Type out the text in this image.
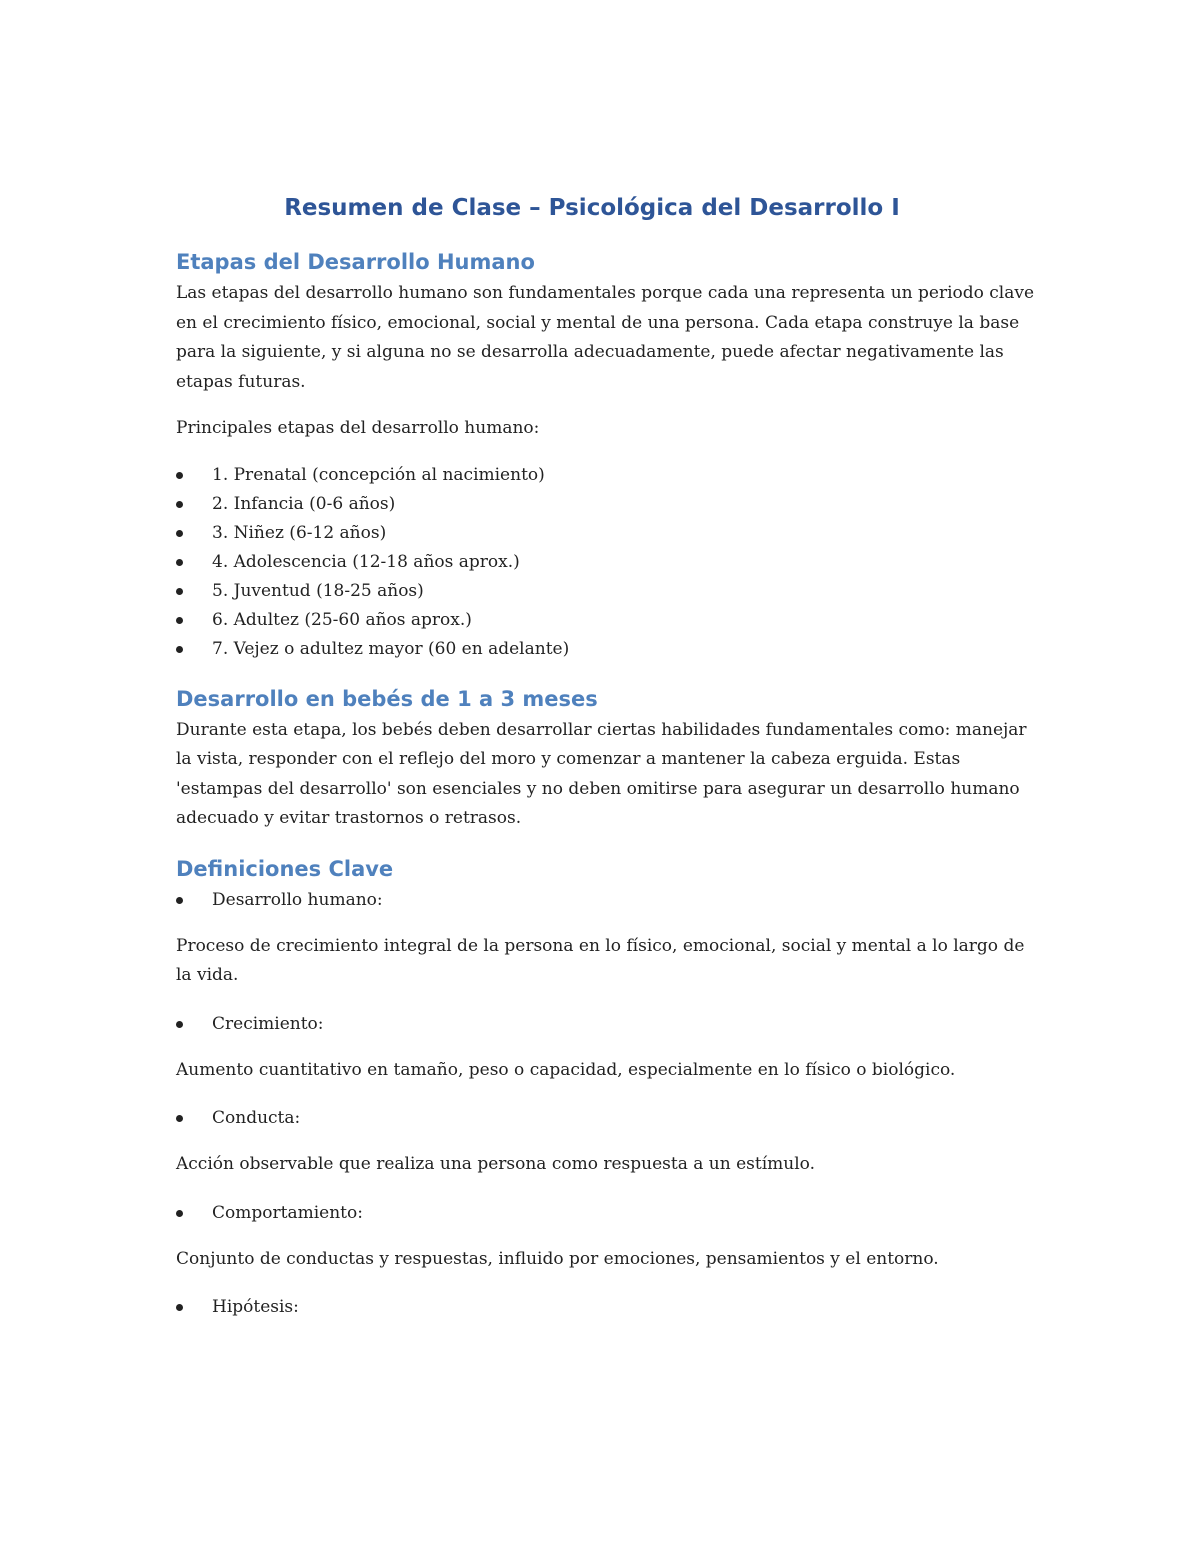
Resumen de Clase – Psicológica del Desarrollo I
Etapas del Desarrollo Humano

Las etapas del desarrollo humano son fundamentales porque cada una representa un periodo clave en el crecimiento físico, emocional, social y mental de una persona. Cada etapa construye la base para la siguiente, y si alguna no se desarrolla adecuadamente, puede afectar negativamente las etapas futuras.

Principales etapas del desarrollo humano:

1. Prenatal (concepción al nacimiento)
2. Infancia (0-6 años)
3. Niñez (6-12 años)
4. Adolescencia (12-18 años aprox.)
5. Juventud (18-25 años)
6. Adultez (25-60 años aprox.)
7. Vejez o adultez mayor (60 en adelante)
Desarrollo en bebés de 1 a 3 meses

Durante esta etapa, los bebés deben desarrollar ciertas habilidades fundamentales como: manejar la vista, responder con el reflejo del moro y comenzar a mantener la cabeza erguida. Estas 'estampas del desarrollo' son esenciales y no deben omitirse para asegurar un desarrollo humano adecuado y evitar trastornos o retrasos.

Definiciones Clave

Desarrollo humano:

Proceso de crecimiento integral de la persona en lo físico, emocional, social y mental a lo largo de la vida.

Crecimiento:

Aumento cuantitativo en tamaño, peso o capacidad, especialmente en lo físico o biológico.

Conducta:

Acción observable que realiza una persona como respuesta a un estímulo.

Comportamiento:

Conjunto de conductas y respuestas, influido por emociones, pensamientos y el entorno.

Hipótesis:
